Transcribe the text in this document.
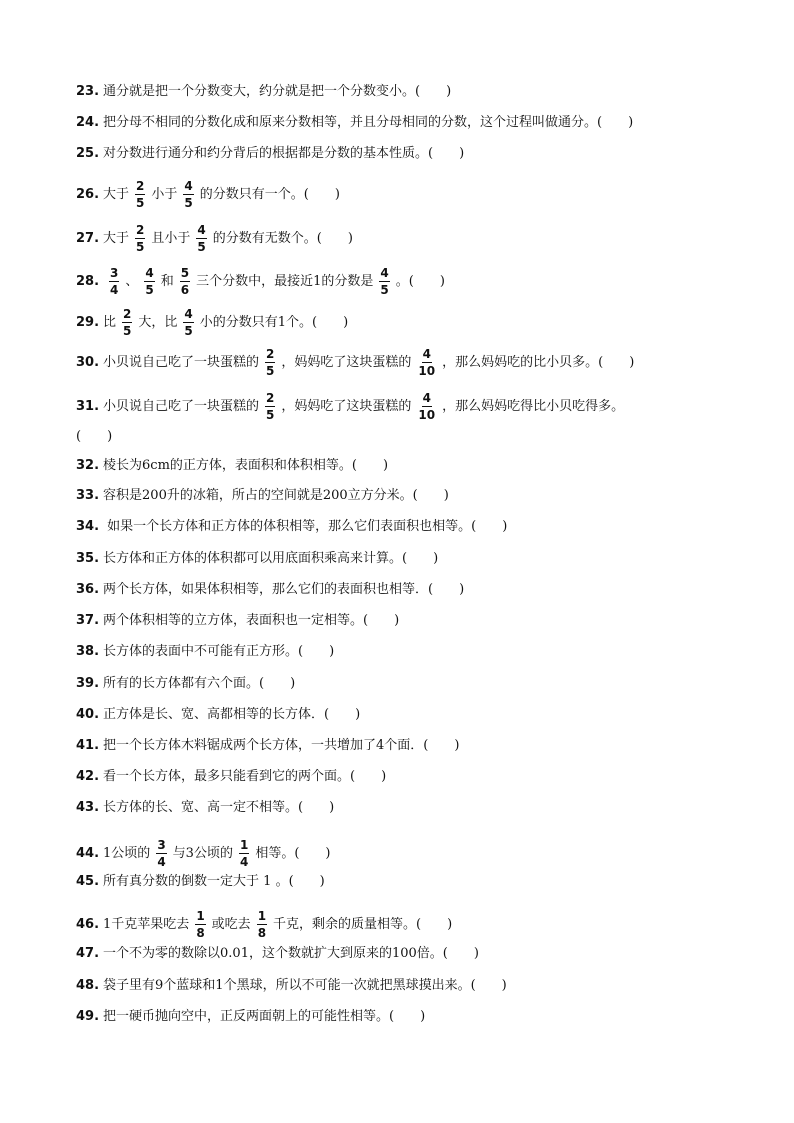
23. 通分就是把一个分数变大，约分就是把一个分数变小。(　　)
24. 把分母不相同的分数化成和原来分数相等，并且分母相同的分数，这个过程叫做通分。(　　)
25. 对分数进行通分和约分背后的根据都是分数的基本性质。(　　)
26. 大于 $\frac{2}{5}$ 小于 $\frac{4}{5}$ 的分数只有一个。(　　)
27. 大于 $\frac{2}{5}$ 且小于 $\frac{4}{5}$ 的分数有无数个。(　　)
28. $\frac{3}{4}$ 、 $\frac{4}{5}$ 和 $\frac{5}{6}$ 三个分数中，最接近1的分数是 $\frac{4}{5}$ 。(　　)
29. 比 $\frac{2}{5}$ 大，比 $\frac{4}{5}$ 小的分数只有1个。(　　)
30. 小贝说自己吃了一块蛋糕的 $\frac{2}{5}$ ，妈妈吃了这块蛋糕的 $\frac{4}{10}$ ，那么妈妈吃的比小贝多。(　　)
31. 小贝说自己吃了一块蛋糕的 $\frac{2}{5}$ ，妈妈吃了这块蛋糕的 $\frac{4}{10}$ ，那么妈妈吃得比小贝吃得多。
(　　)
32. 棱长为6cm的正方体，表面积和体积相等。(　　)
33. 容积是200升的冰箱，所占的空间就是200立方分米。(　　)
34. 如果一个长方体和正方体的体积相等，那么它们表面积也相等。(　　)
35. 长方体和正方体的体积都可以用底面积乘高来计算。(　　)
36. 两个长方体，如果体积相等，那么它们的表面积也相等．(　　)
37. 两个体积相等的立方体，表面积也一定相等。(　　)
38. 长方体的表面中不可能有正方形。(　　)
39. 所有的长方体都有六个面。(　　)
40. 正方体是长、宽、高都相等的长方体．(　　)
41. 把一个长方体木料锯成两个长方体，一共增加了4个面．(　　)
42. 看一个长方体，最多只能看到它的两个面。(　　)
43. 长方体的长、宽、高一定不相等。(　　)
44. 1公顷的 $\frac{3}{4}$ 与3公顷的 $\frac{1}{4}$ 相等。(　　)
45. 所有真分数的倒数一定大于 1 。(　　)
46. 1千克苹果吃去 $\frac{1}{8}$ 或吃去 $\frac{1}{8}$ 千克，剩余的质量相等。(　　)
47. 一个不为零的数除以0.01，这个数就扩大到原来的100倍。(　　)
48. 袋子里有9个蓝球和1个黑球，所以不可能一次就把黑球摸出来。(　　)
49. 把一硬币抛向空中，正反两面朝上的可能性相等。(　　)
